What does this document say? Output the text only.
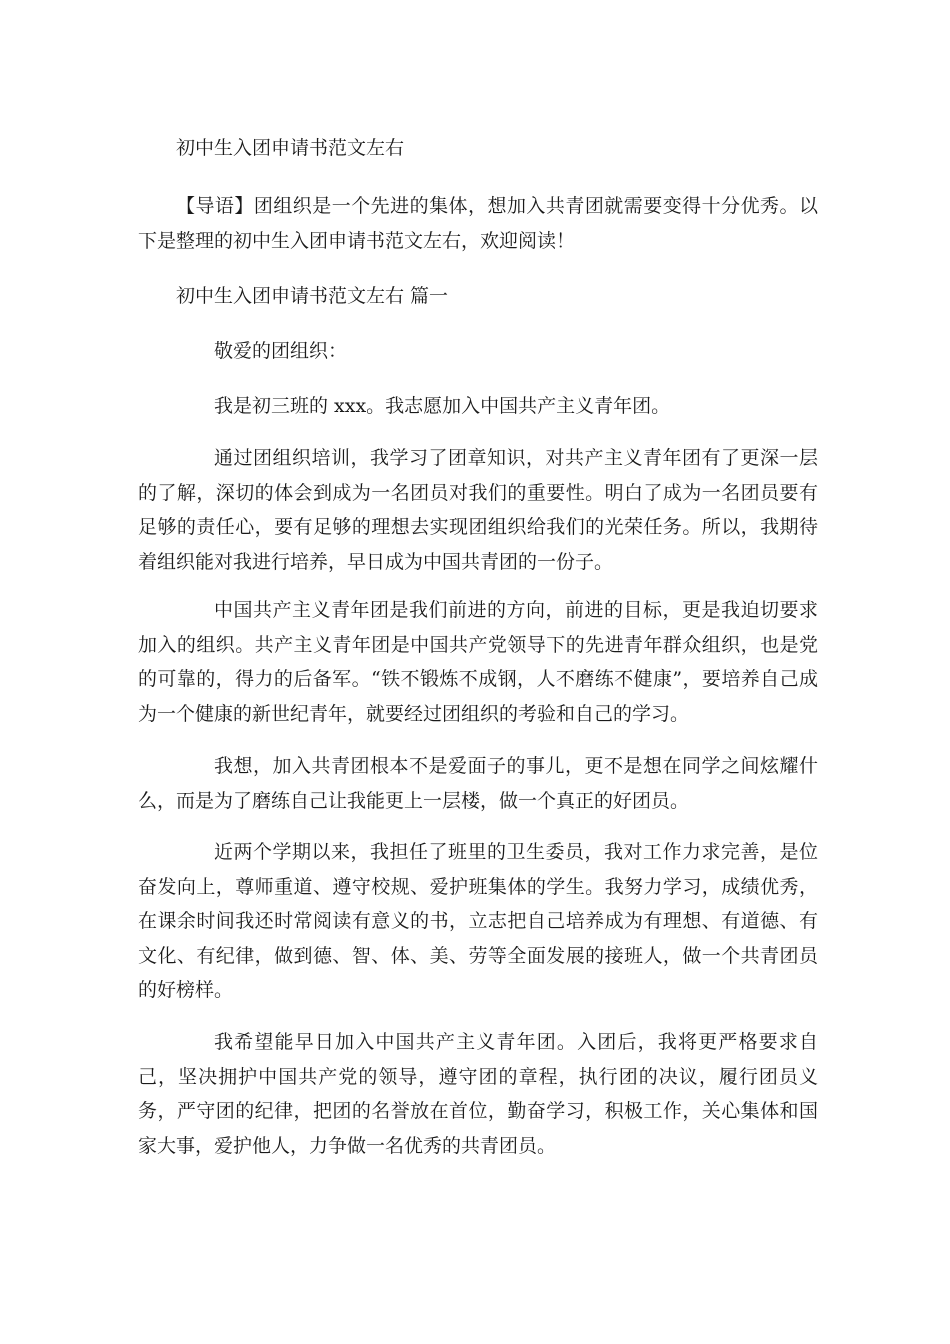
初中生入团申请书范文左右

【导语】团组织是一个先进的集体，想加入共青团就需要变得十分优秀。以下是整理的初中生入团申请书范文左右，欢迎阅读！

初中生入团申请书范文左右 篇一
敬爱的团组织：
我是初三班的 xxx。我志愿加入中国共产主义青年团。

通过团组织培训，我学习了团章知识，对共产主义青年团有了更深一层的了解，深切的体会到成为一名团员对我们的重要性。明白了成为一名团员要有足够的责任心，要有足够的理想去实现团组织给我们的光荣任务。所以，我期待着组织能对我进行培养，早日成为中国共青团的一份子。

中国共产主义青年团是我们前进的方向，前进的目标，更是我迫切要求加入的组织。共产主义青年团是中国共产党领导下的先进青年群众组织，也是党的可靠的，得力的后备军。“铁不锻炼不成钢，人不磨练不健康”，要培养自己成为一个健康的新世纪青年，就要经过团组织的考验和自己的学习。

我想，加入共青团根本不是爱面子的事儿，更不是想在同学之间炫耀什么，而是为了磨练自己让我能更上一层楼，做一个真正的好团员。

近两个学期以来，我担任了班里的卫生委员，我对工作力求完善，是位奋发向上，尊师重道、遵守校规、爱护班集体的学生。我努力学习，成绩优秀，在课余时间我还时常阅读有意义的书，立志把自己培养成为有理想、有道德、有文化、有纪律，做到德、智、体、美、劳等全面发展的接班人，做一个共青团员的好榜样。

我希望能早日加入中国共产主义青年团。入团后，我将更严格要求自己，坚决拥护中国共产党的领导，遵守团的章程，执行团的决议，履行团员义务，严守团的纪律，把团的名誉放在首位，勤奋学习，积极工作，关心集体和国家大事，爱护他人，力争做一名优秀的共青团员。
